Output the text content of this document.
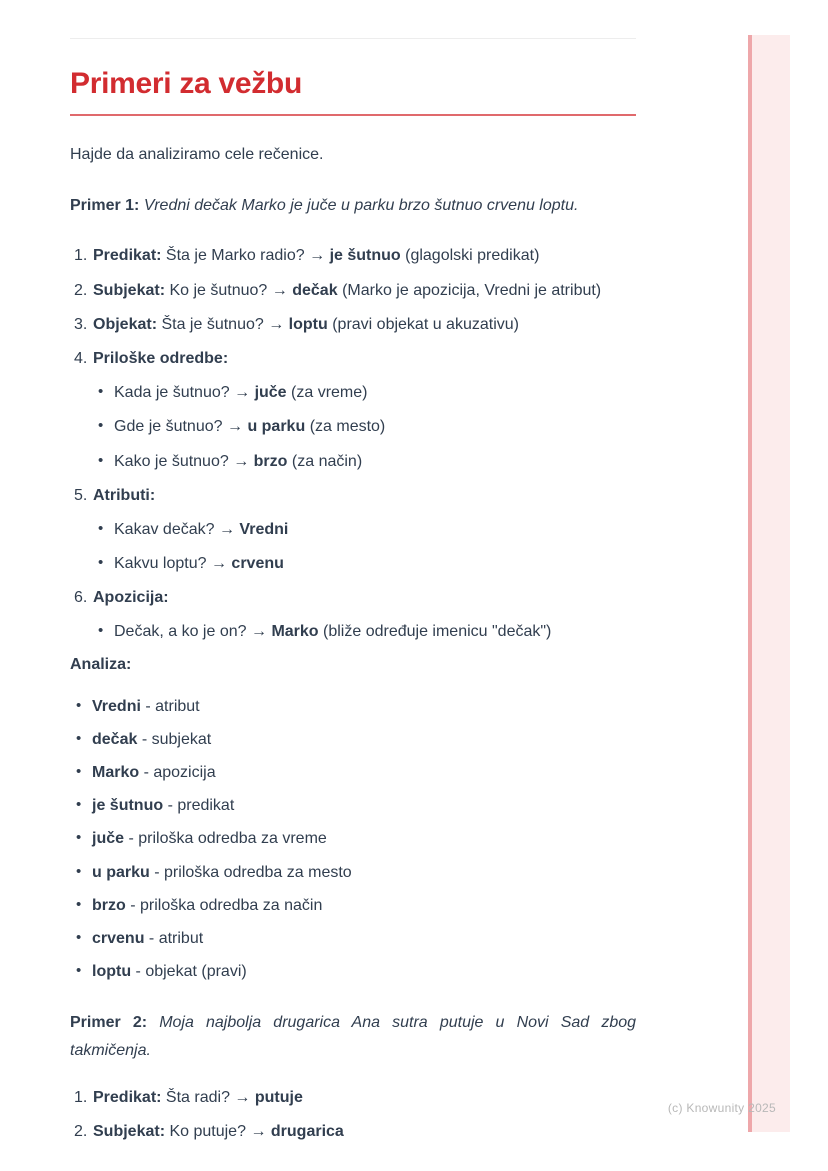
(c) Knowunity 2025
Primeri za vežbu

Hajde da analiziramo cele rečenice.

Primer 1: Vredni dečak Marko je juče u parku brzo šutnuo crvenu loptu.

1. Predikat: Šta je Marko radio? → je šutnuo (glagolski predikat)
2. Subjekat: Ko je šutnuo? → dečak (Marko je apozicija, Vredni je atribut)
3. Objekat: Šta je šutnuo? → loptu (pravi objekat u akuzativu)
4. Priloške odredbe:
• Kada je šutnuo? → juče (za vreme)
• Gde je šutnuo? → u parku (za mesto)
• Kako je šutnuo? → brzo (za način)
5. Atributi:
• Kakav dečak? → Vredni
• Kakvu loptu? → crvenu
6. Apozicija:
• Dečak, a ko je on? → Marko (bliže određuje imenicu "dečak")
Analiza:
• Vredni - atribut
• dečak - subjekat
• Marko - apozicija
• je šutnuo - predikat
• juče - priloška odredba za vreme
• u parku - priloška odredba za mesto
• brzo - priloška odredba za način
• crvenu - atribut
• loptu - objekat (pravi)

Primer 2: Moja najbolja drugarica Ana sutra putuje u Novi Sad zbog takmičenja.

1. Predikat: Šta radi? → putuje
2. Subjekat: Ko putuje? → drugarica
